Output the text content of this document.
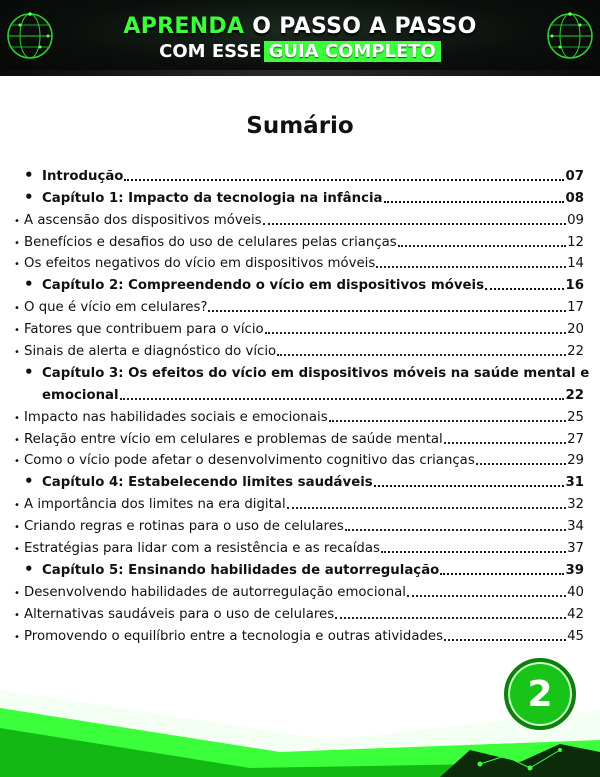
APRENDA O PASSO A PASSO
COM ESSE GUIA COMPLETO
Sumário
•
Introdução	07
•
Capítulo 1: Impacto da tecnologia na infância	08
•
A ascensão dos dispositivos móveis	09
•
Benefícios e desafios do uso de celulares pelas crianças	12
•
Os efeitos negativos do vício em dispositivos móveis	14
•
Capítulo 2: Compreendendo o vício em dispositivos móveis	16
•
O que é vício em celulares?	17
•
Fatores que contribuem para o vício	20
•
Sinais de alerta e diagnóstico do vício	22
•
Capítulo 3: Os efeitos do vício em dispositivos móveis na saúde mental e
emocional	22
•
Impacto nas habilidades sociais e emocionais	25
•
Relação entre vício em celulares e problemas de saúde mental	27
•
Como o vício pode afetar o desenvolvimento cognitivo das crianças	29
•
Capítulo 4: Estabelecendo limites saudáveis	31
•
A importância dos limites na era digital	32
•
Criando regras e rotinas para o uso de celulares	34
•
Estratégias para lidar com a resistência e as recaídas	37
•
Capítulo 5: Ensinando habilidades de autorregulação	39
•
Desenvolvendo habilidades de autorregulação emocional	40
•
Alternativas saudáveis para o uso de celulares	42
•
Promovendo o equilíbrio entre a tecnologia e outras atividades	45
2
